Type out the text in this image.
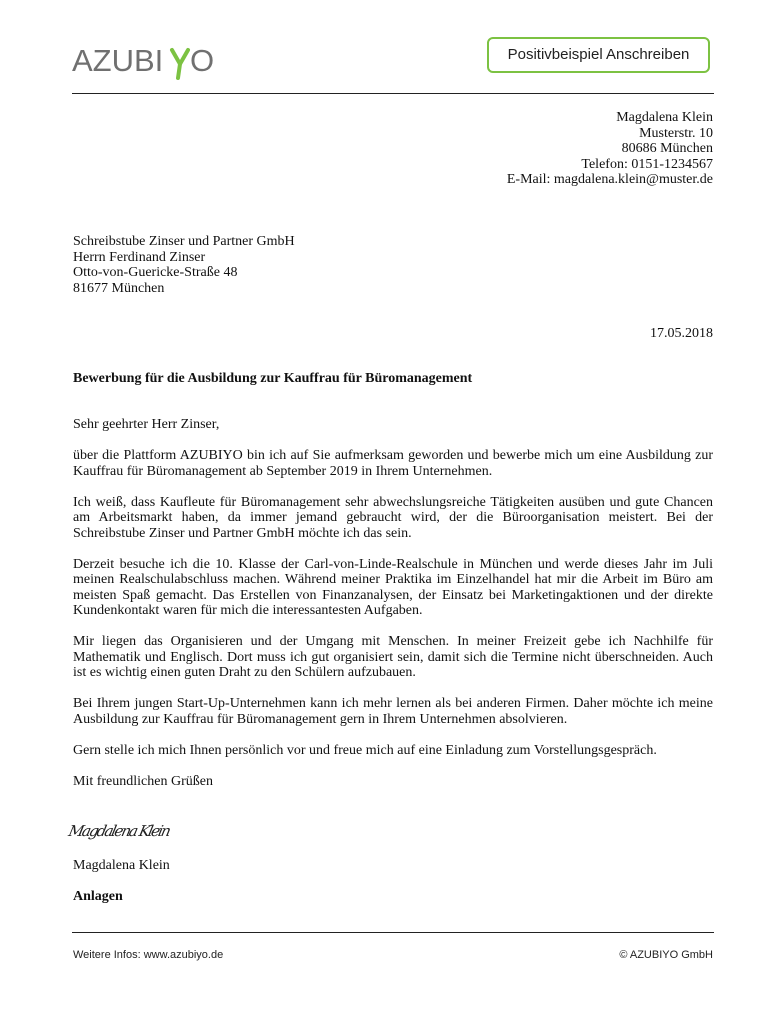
AZUBI O	Positivbeispiel Anschreiben
Magdalena Klein
Musterstr. 10
80686 München
Telefon: 0151-1234567
E-Mail: magdalena.klein@muster.de
Schreibstube Zinser und Partner GmbH
Herrn Ferdinand Zinser
Otto-von-Guericke-Straße 48
81677 München
17.05.2018
Bewerbung für die Ausbildung zur Kauffrau für Büromanagement

Sehr geehrter Herr Zinser,

über die Plattform AZUBIYO bin ich auf Sie aufmerksam geworden und bewerbe mich um eine Ausbildung zur Kauffrau für Büromanagement ab September 2019 in Ihrem Unternehmen.

Ich weiß, dass Kaufleute für Büromanagement sehr abwechslungsreiche Tätigkeiten ausüben und gute Chancen am Arbeitsmarkt haben, da immer jemand gebraucht wird, der die Büroorganisation meistert. Bei der Schreibstube Zinser und Partner GmbH möchte ich das sein.

Derzeit besuche ich die 10. Klasse der Carl-von-Linde-Realschule in München und werde dieses Jahr im Juli meinen Realschulabschluss machen. Während meiner Praktika im Einzelhandel hat mir die Arbeit im Büro am meisten Spaß gemacht. Das Erstellen von Finanzanalysen, der Einsatz bei Marketingaktionen und der direkte Kundenkontakt waren für mich die interessantesten Aufgaben.

Mir liegen das Organisieren und der Umgang mit Menschen. In meiner Freizeit gebe ich Nachhilfe für Mathematik und Englisch. Dort muss ich gut organisiert sein, damit sich die Termine nicht überschneiden. Auch ist es wichtig einen guten Draht zu den Schülern aufzubauen.

Bei Ihrem jungen Start-Up-Unternehmen kann ich mehr lernen als bei anderen Firmen. Daher möchte ich meine Ausbildung zur Kauffrau für Büromanagement gern in Ihrem Unternehmen absolvieren.

Gern stelle ich mich Ihnen persönlich vor und freue mich auf eine Einladung zum Vorstellungsgespräch.

Mit freundlichen Grüßen

Magdalena Klein
Magdalena Klein
Anlagen
Weitere Infos: www.azubiyo.de	© AZUBIYO GmbH
